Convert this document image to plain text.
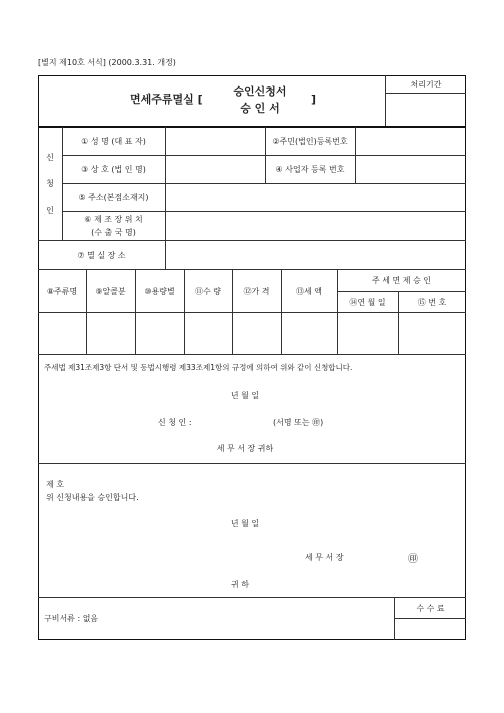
[별지 제10호 서식] (2000.3.31. 개정)
면세주류멸실 [
승인신청서
승 인 서
]
처리기간
신
청
인
① 성 명 (대 표 자)	②주민(법인)등록번호
③ 상 호 (법 인 명)	④ 사업자 등록 번호
⑤ 주소(본점소재지)
⑥ 제 조 장 위 치
(수 출 국 명)
⑦ 멸 실 장 소
⑧주류명	⑨알콜분	⑩용량별	⑪수 량	⑫가 격	⑬세 액
주 세 면 제 승 인
⑭연 월 일	⑮ 번 호
주세법 제31조제3항 단서 및 동법시행령 제33조제1항의 규정에 의하여 위와 같이 신청합니다.
년 월 일
신 청 인 :	(서명 또는 ㊞)
세 무 서 장 귀하
제 호
위 신청내용을 승인합니다.
년 월 일
세 무 서 장	㊞
귀 하
구비서류 : 없음
수 수 료
